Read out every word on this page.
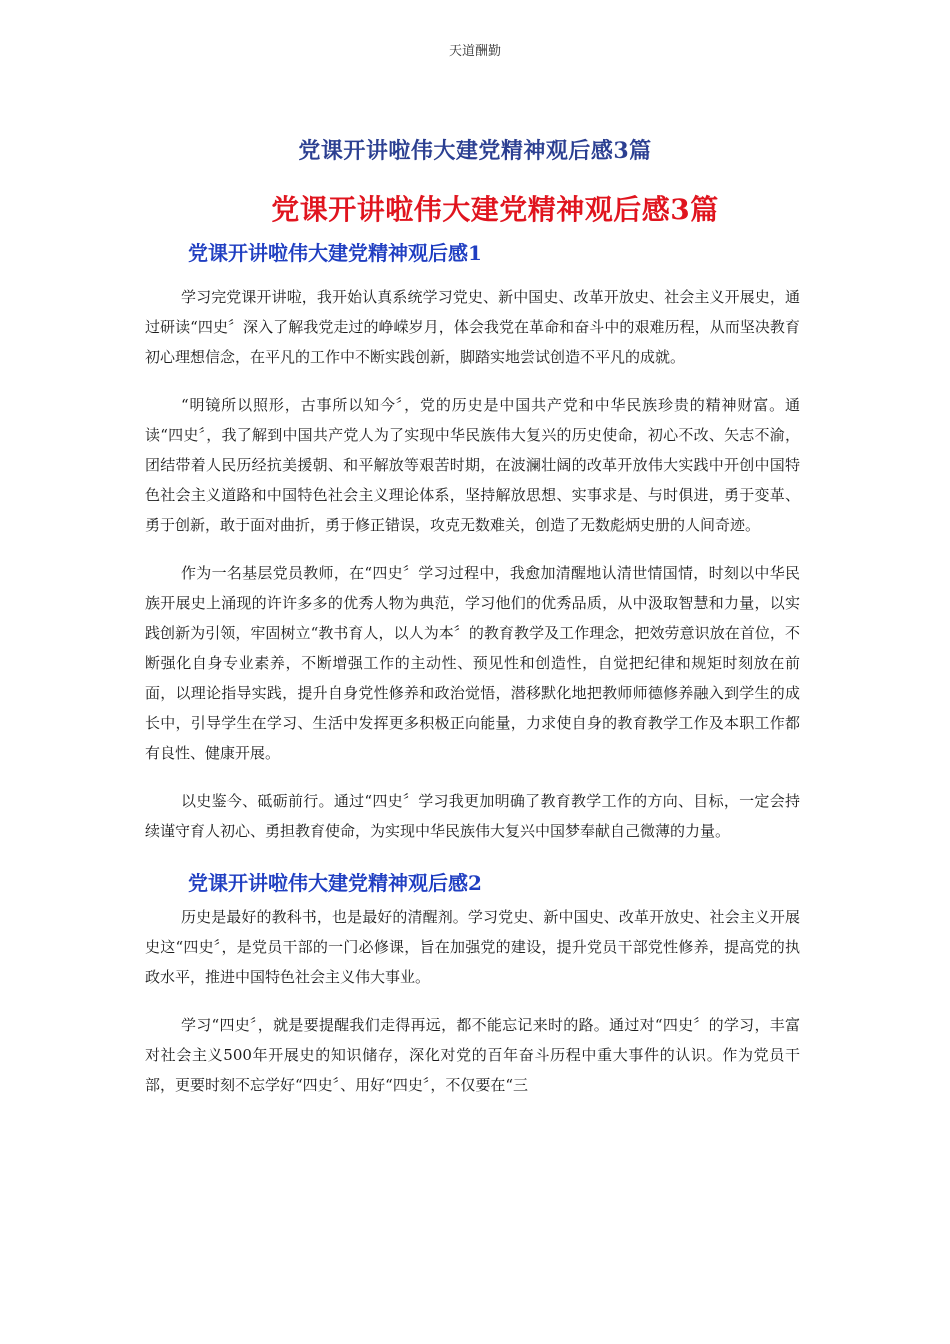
天道酬勤
党课开讲啦伟大建党精神观后感3篇
党课开讲啦伟大建党精神观后感3篇
党课开讲啦伟大建党精神观后感1

学习完党课开讲啦，我开始认真系统学习党史、新中国史、改革开放史、社会主义开展史，通过研读“四史〞深入了解我党走过的峥嵘岁月，体会我党在革命和奋斗中的艰难历程，从而坚决教育初心理想信念，在平凡的工作中不断实践创新，脚踏实地尝试创造不平凡的成就。

“明镜所以照形，古事所以知今〞，党的历史是中国共产党和中华民族珍贵的精神财富。通读“四史〞，我了解到中国共产党人为了实现中华民族伟大复兴的历史使命，初心不改、矢志不渝，团结带着人民历经抗美援朝、和平解放等艰苦时期，在波澜壮阔的改革开放伟大实践中开创中国特色社会主义道路和中国特色社会主义理论体系，坚持解放思想、实事求是、与时俱进，勇于变革、勇于创新，敢于面对曲折，勇于修正错误，攻克无数难关，创造了无数彪炳史册的人间奇迹。

作为一名基层党员教师，在“四史〞学习过程中，我愈加清醒地认清世情国情，时刻以中华民族开展史上涌现的许许多多的优秀人物为典范，学习他们的优秀品质，从中汲取智慧和力量，以实践创新为引领，牢固树立“教书育人，以人为本〞的教育教学及工作理念，把效劳意识放在首位，不断强化自身专业素养，不断增强工作的主动性、预见性和创造性，自觉把纪律和规矩时刻放在前面，以理论指导实践，提升自身党性修养和政治觉悟，潜移默化地把教师师德修养融入到学生的成长中，引导学生在学习、生活中发挥更多积极正向能量，力求使自身的教育教学工作及本职工作都有良性、健康开展。

以史鉴今、砥砺前行。通过“四史〞学习我更加明确了教育教学工作的方向、目标，一定会持续谨守育人初心、勇担教育使命，为实现中华民族伟大复兴中国梦奉献自己微薄的力量。

党课开讲啦伟大建党精神观后感2

历史是最好的教科书，也是最好的清醒剂。学习党史、新中国史、改革开放史、社会主义开展史这“四史〞，是党员干部的一门必修课，旨在加强党的建设，提升党员干部党性修养，提高党的执政水平，推进中国特色社会主义伟大事业。

学习“四史〞，就是要提醒我们走得再远，都不能忘记来时的路。通过对“四史〞的学习，丰富对社会主义500年开展史的知识储存，深化对党的百年奋斗历程中重大事件的认识。作为党员干部，更要时刻不忘学好“四史〞、用好“四史〞，不仅要在“三
